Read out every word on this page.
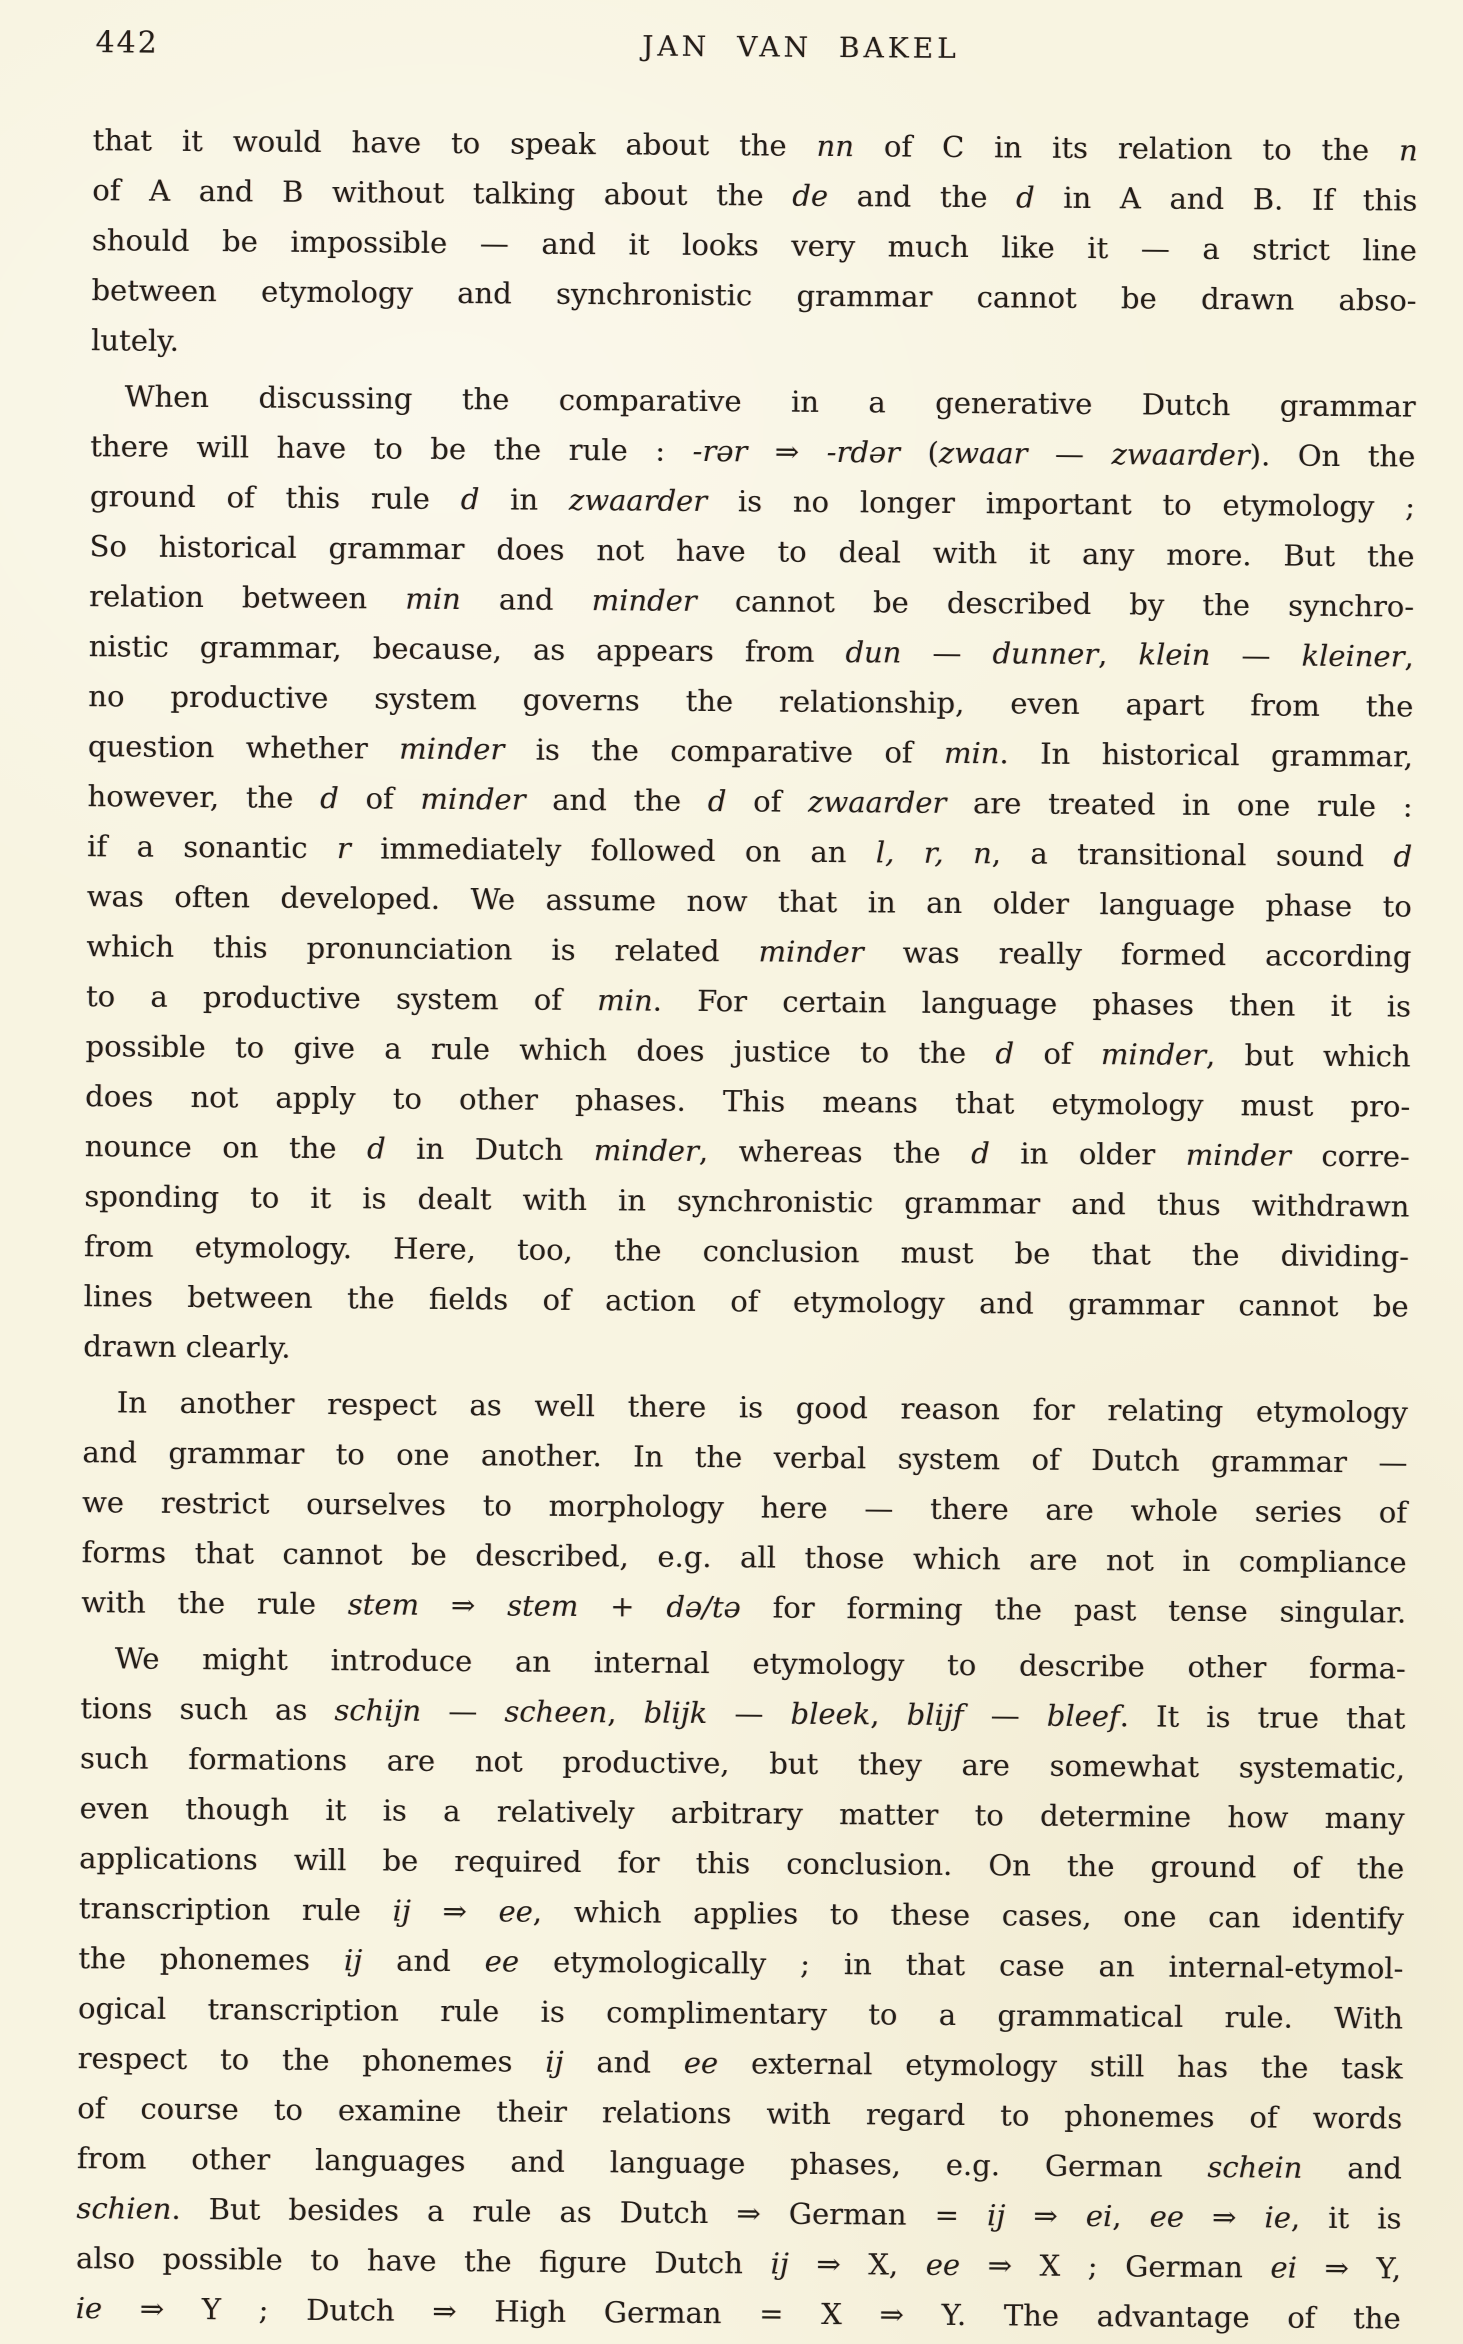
442	JAN VAN BAKEL
that it would have to speak about the nn of C in its relation to the n
of A and B without talking about the de and the d in A and B. If this
should be impossible — and it looks very much like it — a strict line
between etymology and synchronistic grammar cannot be drawn abso-
lutely.
When discussing the comparative in a generative Dutch grammar
there will have to be the rule : -rər ⇒ -rdər (zwaar — zwaarder). On the
ground of this rule d in zwaarder is no longer important to etymology ;
So historical grammar does not have to deal with it any more. But the
relation between min and minder cannot be described by the synchro-
nistic grammar, because, as appears from dun — dunner, klein — kleiner,
no productive system governs the relationship, even apart from the
question whether minder is the comparative of min. In historical grammar,
however, the d of minder and the d of zwaarder are treated in one rule :
if a sonantic r immediately followed on an l, r, n, a transitional sound d
was often developed. We assume now that in an older language phase to
which this pronunciation is related minder was really formed according
to a productive system of min. For certain language phases then it is
possible to give a rule which does justice to the d of minder, but which
does not apply to other phases. This means that etymology must pro-
nounce on the d in Dutch minder, whereas the d in older minder corre-
sponding to it is dealt with in synchronistic grammar and thus withdrawn
from etymology. Here, too, the conclusion must be that the dividing-
lines between the fields of action of etymology and grammar cannot be
drawn clearly.
In another respect as well there is good reason for relating etymology
and grammar to one another. In the verbal system of Dutch grammar —
we restrict ourselves to morphology here — there are whole series of
forms that cannot be described, e.g. all those which are not in compliance
with the rule stem ⇒ stem + də/tə for forming the past tense singular.
We might introduce an internal etymology to describe other forma-
tions such as schijn — scheen, blijk — bleek, blijf — bleef. It is true that
such formations are not productive, but they are somewhat systematic,
even though it is a relatively arbitrary matter to determine how many
applications will be required for this conclusion. On the ground of the
transcription rule ij ⇒ ee, which applies to these cases, one can identify
the phonemes ij and ee etymologically ; in that case an internal-etymol-
ogical transcription rule is complimentary to a grammatical rule. With
respect to the phonemes ij and ee external etymology still has the task
of course to examine their relations with regard to phonemes of words
from other languages and language phases, e.g. German schein and
schien. But besides a rule as Dutch ⇒ German = ij ⇒ ei, ee ⇒ ie, it is
also possible to have the figure Dutch ij ⇒ X, ee ⇒ X ; German ei ⇒ Y,
ie ⇒ Y ; Dutch ⇒ High German = X ⇒ Y. The advantage of the
